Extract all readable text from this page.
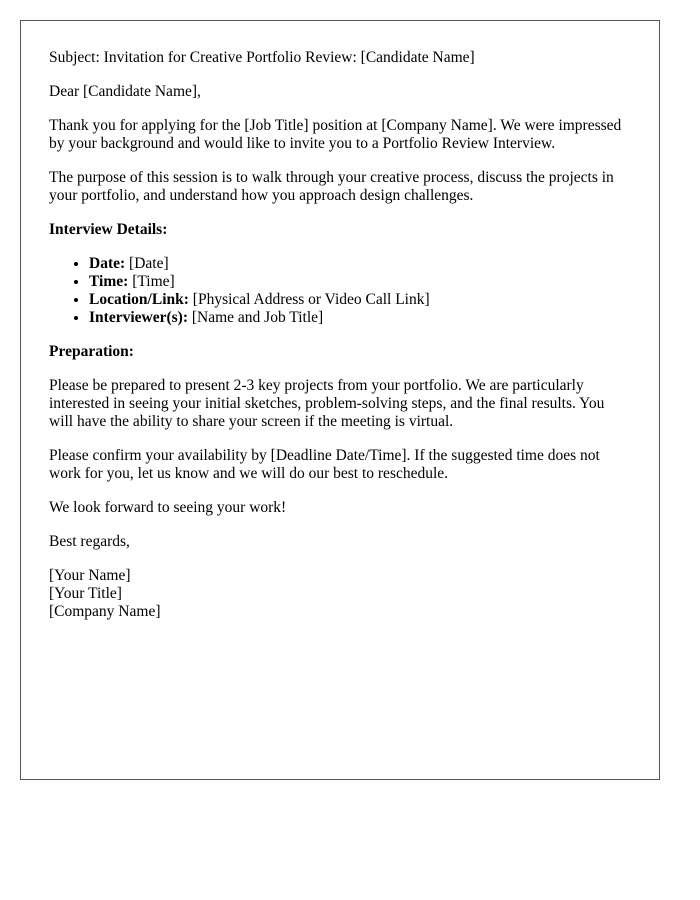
Subject: Invitation for Creative Portfolio Review: [Candidate Name]

Dear [Candidate Name],

Thank you for applying for the [Job Title] position at [Company Name]. We were impressed by your background and would like to invite you to a Portfolio Review Interview.

The purpose of this session is to walk through your creative process, discuss the projects in your portfolio, and understand how you approach design challenges.

Interview Details:

• Date: [Date]
• Time: [Time]
• Location/Link: [Physical Address or Video Call Link]
• Interviewer(s): [Name and Job Title]

Preparation:

Please be prepared to present 2-3 key projects from your portfolio. We are particularly interested in seeing your initial sketches, problem-solving steps, and the final results. You will have the ability to share your screen if the meeting is virtual.

Please confirm your availability by [Deadline Date/Time]. If the suggested time does not work for you, let us know and we will do our best to reschedule.

We look forward to seeing your work!

Best regards,

[Your Name]
[Your Title]
[Company Name]
